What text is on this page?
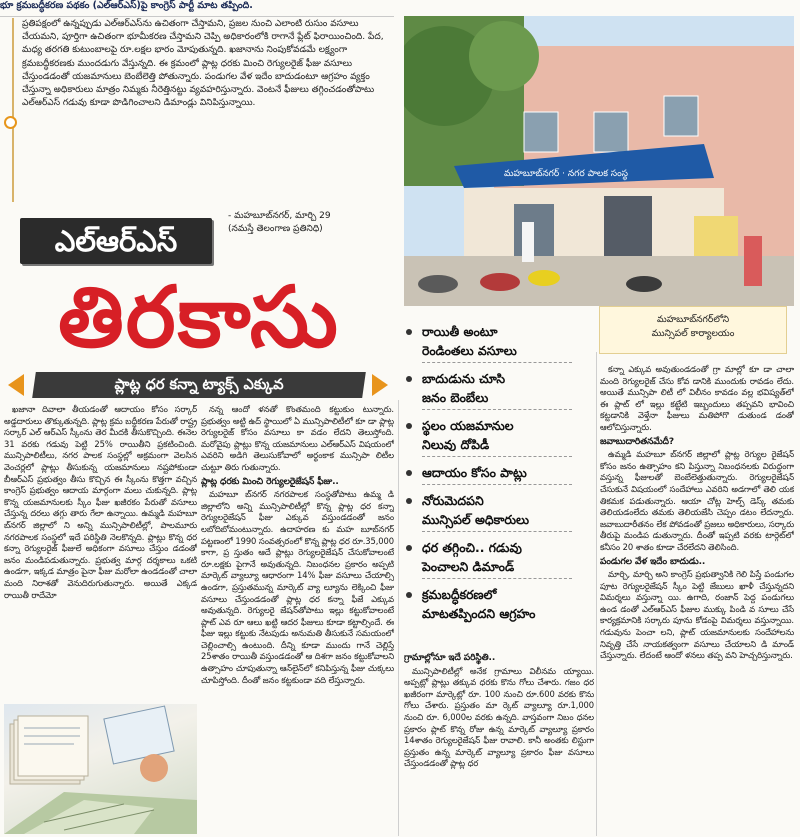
భూ క్రమబద్ధీకరణ పథకం (ఎల్‌ఆర్‌ఎస్‌)పై కాంగ్రెస్‌ పార్టీ మాట తప్పింది.

ప్రతిపక్షంలో ఉన్నప్పుడు ఎల్‌ఆర్‌ఎస్‌ను ఉచితంగా చేస్తామని, ప్రజల నుంచి ఎలాంటి రుసుం వసూలు చేయమని, పూర్తిగా ఉచితంగా భూమీకరణ చేస్తామని చెప్పి అధికారంలోకి రాగానే ప్లేట్‌ ఫిరాయించింది. పేద, మధ్య తరగతి కుటుంబాలపై రూ.లక్షల భారం మోపుతున్నది. ఖజానాను నింపుకోవడమే లక్ష్యంగా క్రమబద్ధీకరణకు ముందడుగు వేస్తున్నది. ఈ క్రమంలో ప్లాట్ల ధరకు మించి రెగ్యులరైజ్‌ ఫీజు వసూలు చేస్తుండడంతో యజమానులు బెంబేలెత్తి పోతున్నారు. పండుగల వేళ ఇదేం బాదుడంటూ ఆగ్రహం వ్యక్తం చేస్తున్నా అధికారులు మాత్రం నిమ్మకు నీరెత్తినట్టు వ్యవహరిస్తున్నారు. వెంటనే ఫీజులు తగ్గించడంతోపాటు ఎల్‌ఆర్‌ఎస్‌ గడువు కూడా పొడిగించాలని డిమాండ్లు వినిపిస్తున్నాయి.

- మహబూబ్‌నగర్‌, మార్చి 29
(నమస్తే తెలంగాణ ప్రతినిధి)
ఎల్‌ఆర్‌ఎస్‌
తిరకాసు
ప్లాట్ల ధర కన్నా ట్యాక్స్‌ ఎక్కువ

ఖజానా దివాలా తీయడంతో ఆదాయం కోసం సర్కార్‌ అడ్డదారులు తొక్కుతున్నది. ప్లాట్ల క్రమ బద్ధీకరణ పేరుతో రాష్ట్ర సర్కార్‌ ఎల్‌ ఆర్‌ఎస్‌ స్కీంను తెర మీదకి తీసుకొచ్చింది. ఈనెల 31 వరకు గడువు పెట్టి 25% రాయితీని ప్రకటించింది. మున్సిపాలిటీలు, నగర పాలక సంస్థల్లో అక్రమంగా వెలసిన వెంచర్లలో ప్లాట్లు తీసుకున్న యజమానులు నష్టపోకుండా బీఆర్‌ఎస్‌ ప్రభుత్వం తీసు కొచ్చిన ఈ స్కీంను కొత్తగా వచ్చిన కాంగ్రెస్‌ ప్రభుత్వం ఆదాయ మార్గంగా మలు చుకున్నది. ప్లాట్ల కొన్న యజమానులకు స్కీం ఫీజు ఖజీరకం పేరుతో వసూలు చేస్తున్న దరలు తగ్గు తారు గేలా ఉన్నాయి. ఉమ్మడి మహబూ బ్‌నగర్‌ జిల్లాలో ని అన్ని మున్సిపాలిటీల్లో, పాలమూరు నగరపాలక సంస్థలో ఇదే పరిస్థితి నెలకొన్నది. ప్లాట్లు కొన్న ధర కన్నా రెగ్యులరైజ్‌ ఫీజులే అధికంగా వసూలు చేస్తుం డడంతో జనం మండిపడుతున్నారు. ప్రభుత్వ మార్గ దర్శకాలు ఒకటి ఉండగా, ఇక్కడ మాత్రం పైనా ఫీజు మరోలా ఉండడంతో చాలా మంది నిరాశతో వెనుదిరుగుతున్నారు. అయితే ఎక్కడ రాయితీ రాదేమో

నన్న ఆందో ళనతో కొంతమంది కట్టుకుం టున్నారు. ప్రభుత్వం అట్టి ఉద్‌ స్థాయిలో ఏ మున్సిపాలిటీలో కూ డా ప్లాట్ల రెగ్యులరైజ్‌ కోసం వసూలు కా వడం లేదని తెలుస్తోంది. మరోవైపు ప్లాట్లు కొన్న యజమానులు ఎల్‌ఆర్‌ఎస్‌ విషయంలో ఎవరిని అడిగి తెలుసుకోవాలో అర్థంకాక మున్సిపా లిటీల చుట్టూ తిరు గుతున్నారు.

ప్లాట్ల ధరకు మించి రెగ్యులరైజేషన్‌ ఫీజు..

మహబూ బ్‌నగర్‌ నగరపాలక సంస్థతోపాటు ఉమ్మ డి జిల్లాలోని అన్ని మున్సిపాలిటీల్లో కొన్న ప్లాట్ల ధర కన్నా రెగ్యులరైజేషన్‌ ఫీజు ఎక్కువ వస్తుండడంతో జనం లబోదిబోమంటున్నారు. ఉదాహరణ కు మహ బూబ్‌నగర్‌ పట్టణంలో 1990 సంవత్సరంలో కొన్న ప్లాట్ల ధర రూ.35,000 కాగా, ప్ర స్తుతం ఆదే ప్లాట్లు రెగ్యులరైజేషన్‌ చేసుకోవాలంటే రూ.లక్షకు పైగానే అవుతున్నది. నిబంధనల ప్రకారం అప్పటి మార్కెట్‌ వ్యాల్యూ ఆధారంగా 14% ఫీజు వసూలు చేయాల్సి ఉండగా, ప్రస్తుతమున్న మార్కెట్‌ వ్యా ల్యూను లెక్కించి ఫీజు వసూలు చేస్తుండడంతో ప్లాట్ల ధర కన్నా ఫీజే ఎక్కువ అవుతున్నది. రెగ్యులరై జేషన్‌తోపాటు ఇల్లు కట్టుకోవాలంటే ప్లాట్‌ ఎవ రూ ఆలు ఖట్టి ఆదర ఫీజులు కూడా కట్టాల్సిందే. ఈ ఫీజు ఇల్లు కట్టుకు నేటపుడు అనుమతి తీసుకునే సమయంలో చెల్లించాల్సి ఉంటుంది. దీన్ని కూడా ముందు గానే చెల్లిస్తే 25శాతం రాయితీ వస్తుండడంతో ఆ దిశగా జనం కట్టుకోవాలని ఉత్సాహం చూపుతున్నా ఆన్‌లైన్‌లో కనిపిస్తున్న ఫీజు చుక్కలు చూపిస్తోంది. దీంతో జనం కట్టకుండా వది లేస్తున్నారు.

మహబూబ్‌నగర్‌ · నగర పాలక సంస్థ
మహబూబ్‌నగర్‌లోని
మున్సిపల్‌ కార్యాలయం
రాయితీ అంటూ
రెండింతలు వసూలు
బాదుడును చూసి
జనం బెంబేలు
స్థలం యజమానుల
నిలువు దోపిడీ
ఆదాయం కోసం పాట్లు
నోరుమెదపని
మున్సిపల్‌ అధికారులు
ధర తగ్గించి.. గడువు
పెంచాలని డిమాండ్‌
క్రమబద్ధీకరణలో
మాటతప్పిందని ఆగ్రహం
గ్రామాల్లోనూ ఇదే పరిస్థితి..

మున్సిపాలిటీల్లో అనేక గ్రామాలు విలీనమ య్యాయి. అప్పట్లో ప్లాట్లు తక్కువ ధరకు కొను గోలు చేశారు. గజం ధర ఖజీరంగా మార్కెట్లో రూ. 100 నుంచి రూ.600 వరకు కొను గోలు చేశారు. ప్రస్తుతం మా ర్కెట్‌ వ్యాల్యూ రూ.1,000 నుంచి రూ. 6,000ల వరకు ఉన్నది. వాస్తవంగా నిబం ధనల ప్రకారం ప్లాట్‌ కొన్న రోజు ఉన్న మార్కెట్‌ వ్యాల్యూ ప్రకారం 14శాతం రెగ్యులరైజేషన్‌ ఫీజు రావాలి. కానీ అంతకు లిస్టుగా ప్రస్తుతం ఉన్న మార్కెట్‌ వ్యాల్యూ ప్రకారం ఫీజు వసూలు చేస్తుండడంతో ప్లాట్ల ధర

కన్నా ఎక్కువ అవుతుండడంతో గ్రా మాల్లో కూ డా చాలా మంది రెగ్యులరైజ్‌ చేసు కోవ డానికి ముందుకు రావడం లేదు. అయితే మున్సిపా లిటీ లో విలీనం కావడం వల్ల భవిష్యత్‌లో ఈ ప్లాట్‌ లో ఇల్లు కట్టేటి ఇబ్బందులు తప్పవని భావించి కట్టడానికి వెళ్తేనా ఫీజులు మతిపోగొ డుతుండ డంతో ఆలోచిస్తున్నారు.

జవాబుదారితనమేదీ?

ఉమ్మడి మహబూ బ్‌నగర్‌ జిల్లాలో ప్లాట్ల రెగ్యుల రైజేషన్‌ కోసం జనం ఉత్సాహం కని పిస్తున్నా నిబంధనలకు విరుద్ధంగా వస్తున్న ఫీజులతో బెంబేలెత్తుతున్నారు. రెగ్యులరైజేషన్‌ చేసుకునే విషయంలో సందేహాలు ఎవరిని అడగాలో తెలి యక తికమక పడుతున్నారు. ఆయా చోట్ల హెల్ప్‌ డెస్క్‌ తమకు తెలియడంలేదు తమకు తెలియజేసి చెప్పం డటం లేదన్నారు. జవాబుదారీతనం లేక పోవడంతో ప్రజలు అధికారులు, సర్కారు తీరుపై మండిప డుతున్నారు. దీంతో ఇప్పటి వరకు టార్గెట్‌లో కనీసం 20 శాతం కూడా చేరలేదని తెలిసింది.

పండుగల వేళ ఇదేం బాదుడు..

మార్చి, మార్చి అని కాంగ్రెస్‌ ప్రభుత్వానికి గెలి పిస్తే పండుగల పూట రెగ్యులరైజేషన్‌ స్కీం పెట్టి జేబులు ఖాళీ చేస్తున్నదని విమర్శలు వస్తున్నా యి. ఉగాది, రంజాన్‌ పెద్ద పండుగలు ఉండ డంతో ఎల్‌ఆర్‌ఎస్‌ ఫీజుల ముక్కు పిండి వ సూలు చేసే కార్యక్రమానికి సర్కారు పూను కోడంపై విమర్శలు వస్తున్నాయి. గడువును పెంచా లని, ప్లాట్‌ యజమానులకు సందేహాలను నివృత్తి చేసే నాయకత్వంగా వసూలు చేయాలని డి మాండ్‌ చేస్తున్నారు. లేదంటే ఆందో ళనలు తప్ప వని హెచ్చరిస్తున్నారు.
